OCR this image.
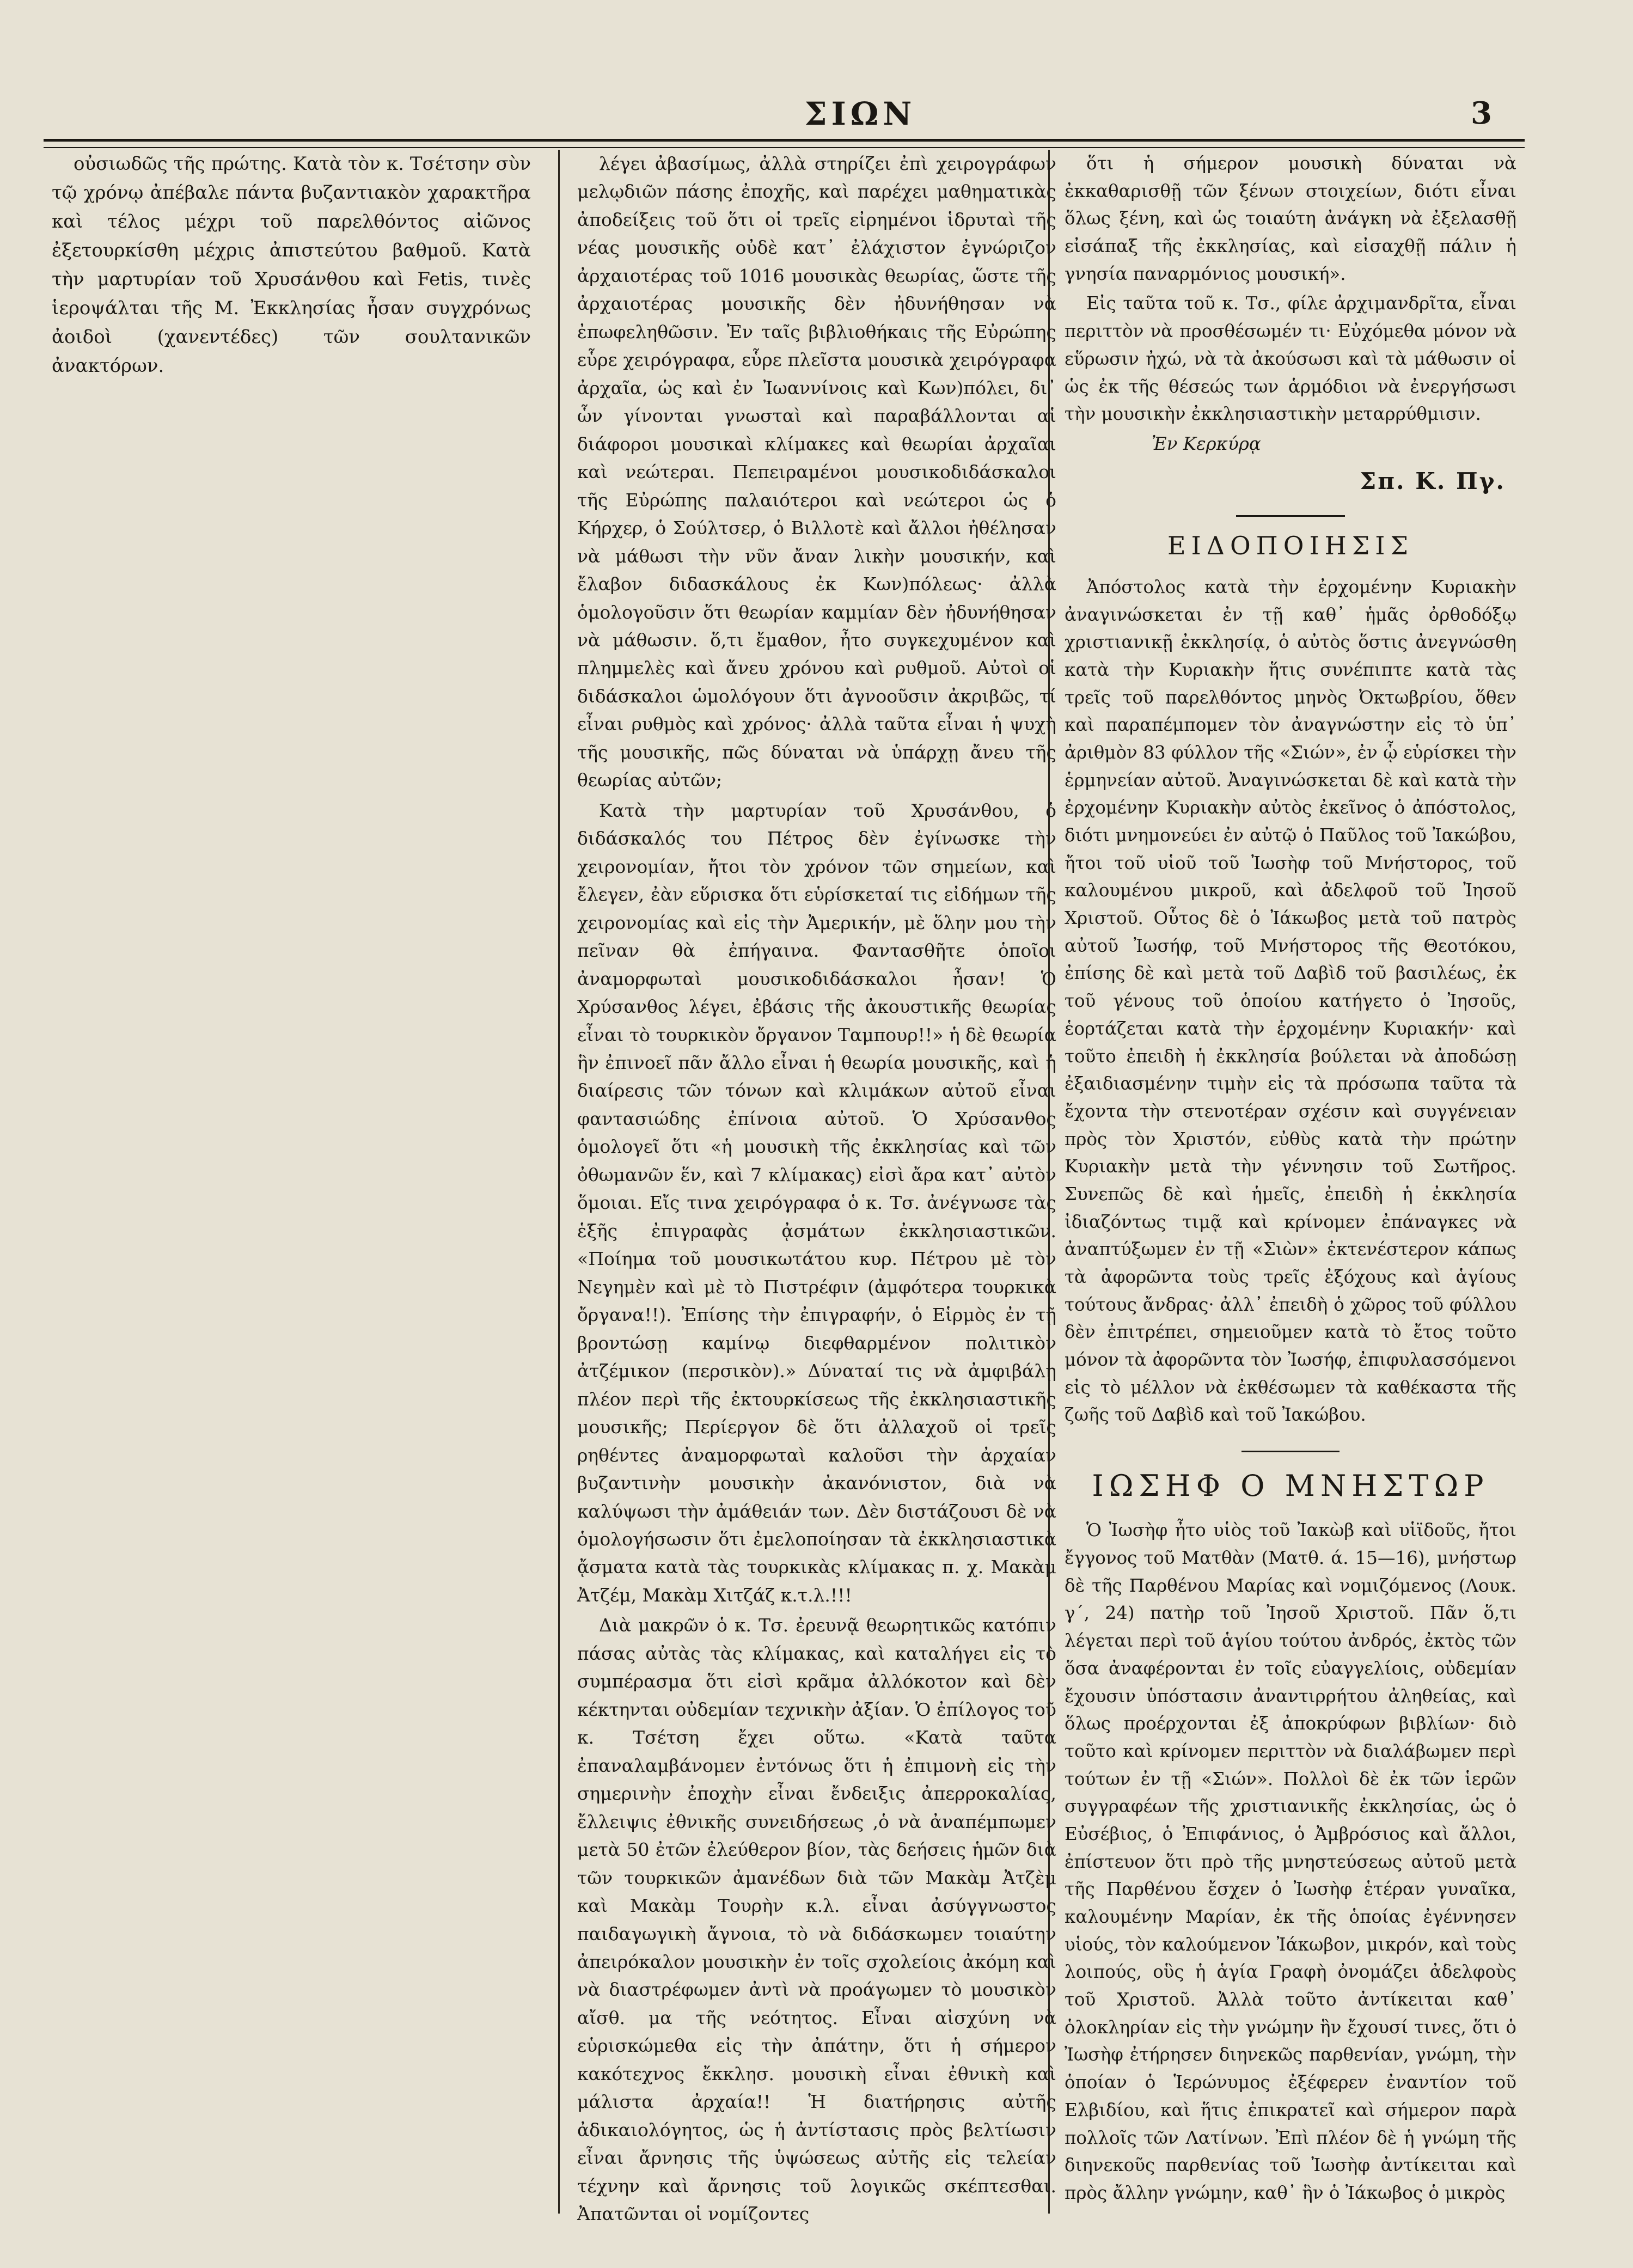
ΣΙΩΝ	3

οὐσιωδῶς τῆς πρώτης. Κατὰ τὸν κ. Τσέτσην σὺν τῷ χρόνῳ ἀπέβαλε πάντα βυζαντιακὸν χαρακτῆρα καὶ τέλος μέχρι τοῦ παρελθόντος αἰῶνος ἐξετουρκίσθη μέχρις ἀπιστεύτου βαθμοῦ. Κατὰ τὴν μαρτυρίαν τοῦ Χρυσάνθου καὶ Fetis, τινὲς ἱεροψάλται τῆς Μ. Ἐκκλησίας ἦσαν συγχρόνως ἀοιδοὶ (χανεντέδες) τῶν σουλτανικῶν ἀνακτόρων.

λέγει ἀβασίμως, ἀλλὰ στηρίζει ἐπὶ χειρογράφων μελῳδιῶν πάσης ἐποχῆς, καὶ παρέχει μαθηματικὰς ἀποδείξεις τοῦ ὅτι οἱ τρεῖς εἰρημένοι ἱδρυταὶ τῆς νέας μουσικῆς οὐδὲ κατ᾽ ἐλάχιστον ἐγνώριζον ἀρχαιοτέρας τοῦ 1016 μουσικὰς θεωρίας, ὥστε τῆς ἀρχαιοτέρας μουσικῆς δὲν ἠδυνήθησαν νὰ ἐπωφεληθῶσιν. Ἐν ταῖς βιβλιοθήκαις τῆς Εὐρώπης εὗρε χειρόγραφα, εὗρε πλεῖστα μουσικὰ χειρόγραφα ἀρχαῖα, ὡς καὶ ἐν Ἰωαννίνοις καὶ Κων)πόλει, δι᾽ ὧν γίνονται γνωσταὶ καὶ παραβάλλονται αἱ διάφοροι μουσικαὶ κλίμακες καὶ θεωρίαι ἀρχαῖαι καὶ νεώτεραι. Πεπειραμένοι μουσικοδιδάσκαλοι τῆς Εὐρώπης παλαιότεροι καὶ νεώτεροι ὡς ὁ Κήρχερ, ὁ Σούλτσερ, ὁ Βιλλοτὲ καὶ ἄλλοι ἠθέλησαν νὰ μάθωσι τὴν νῦν ἄναν λικὴν μουσικήν, καὶ ἔλαβον διδασκάλους ἐκ Κων)πόλεως· ἀλλὰ ὁμολογοῦσιν ὅτι θεωρίαν καμμίαν δὲν ἠδυνήθησαν νὰ μάθωσιν. ὅ,τι ἔμαθον, ἦτο συγκεχυμένον καὶ πλημμελὲς καὶ ἄνευ χρόνου καὶ ρυθμοῦ. Αὐτοὶ οἱ διδάσκαλοι ὡμολόγουν ὅτι ἀγνοοῦσιν ἀκριβῶς, τί εἶναι ρυθμὸς καὶ χρόνος· ἀλλὰ ταῦτα εἶναι ἡ ψυχὴ τῆς μουσικῆς, πῶς δύναται νὰ ὑπάρχῃ ἄνευ τῆς θεωρίας αὐτῶν;

Κατὰ τὴν μαρτυρίαν τοῦ Χρυσάνθου, ὁ διδάσκαλός του Πέτρος δὲν ἐγίνωσκε τὴν χειρονομίαν, ἤτοι τὸν χρόνον τῶν σημείων, καὶ ἔλεγεν, ἐὰν εὕρισκα ὅτι εὑρίσκεταί τις εἰδήμων τῆς χειρονομίας καὶ εἰς τὴν Ἀμερικήν, μὲ ὅλην μου τὴν πεῖναν θὰ ἐπήγαινα. Φαντασθῆτε ὁποῖοι ἀναμορφωταὶ μουσικοδιδάσκαλοι ἦσαν! Ὁ Χρύσανθος λέγει, ἐβάσις τῆς ἀκουστικῆς θεωρίας εἶναι τὸ τουρκικὸν ὄργανον Ταμπουρ!!» ἡ δὲ θεωρία ἣν ἐπινοεῖ πᾶν ἄλλο εἶναι ἡ θεωρία μουσικῆς, καὶ ἡ διαίρεσις τῶν τόνων καὶ κλιμάκων αὐτοῦ εἶναι φαντασιώδης ἐπίνοια αὐτοῦ. Ὁ Χρύσανθος ὁμολογεῖ ὅτι «ἡ μουσικὴ τῆς ἐκκλησίας καὶ τῶν ὀθωμανῶν ἕν, καὶ 7 κλίμακας) εἰσὶ ἄρα κατ᾽ αὐτὸν ὅμοιαι. Εἴς τινα χειρόγραφα ὁ κ. Τσ. ἀνέγνωσε τὰς ἑξῆς ἐπιγραφὰς ᾀσμάτων ἐκκλησιαστικῶν. «Ποίημα τοῦ μουσικωτάτου κυρ. Πέτρου μὲ τὸν Νεγημὲν καὶ μὲ τὸ Πιστρέφιν (ἀμφότερα τουρκικὰ ὄργανα!!). Ἐπίσης τὴν ἐπιγραφήν, ὁ Εἱρμὸς ἐν τῇ βροντώσῃ καμίνῳ διεφθαρμένον πολιτικὸν ἀτζέμικον (περσικὸν).» Δύναταί τις νὰ ἀμφιβάλῃ πλέον περὶ τῆς ἐκτουρκίσεως τῆς ἐκκλησιαστικῆς μουσικῆς; Περίεργον δὲ ὅτι ἀλλαχοῦ οἱ τρεῖς ρηθέντες ἀναμορφωταὶ καλοῦσι τὴν ἀρχαίαν βυζαντινὴν μουσικὴν ἀκανόνιστον, διὰ νὰ καλύψωσι τὴν ἀμάθειάν των. Δὲν διστάζουσι δὲ νὰ ὁμολογήσωσιν ὅτι ἐμελοποίησαν τὰ ἐκκλησιαστικὰ ᾄσματα κατὰ τὰς τουρκικὰς κλίμακας π. χ. Μακὰμ Ἀτζέμ, Μακὰμ Χιτζάζ κ.τ.λ.!!!

Διὰ μακρῶν ὁ κ. Τσ. ἐρευνᾷ θεωρητικῶς κατόπιν πάσας αὐτὰς τὰς κλίμακας, καὶ καταλήγει εἰς τὸ συμπέρασμα ὅτι εἰσὶ κρᾶμα ἀλλόκοτον καὶ δὲν κέκτηνται οὐδεμίαν τεχνικὴν ἀξίαν. Ὁ ἐπίλογος τοῦ κ. Τσέτση ἔχει οὕτω. «Κατὰ ταῦτα ἐπαναλαμβάνομεν ἐντόνως ὅτι ἡ ἐπιμονὴ εἰς τὴν σημερινὴν ἐποχὴν εἶναι ἔνδειξις ἀπερροκαλίας, ἔλλειψις ἐθνικῆς συνειδήσεως ,ὁ νὰ ἀναπέμπωμεν μετὰ 50 ἐτῶν ἐλεύθερον βίον, τὰς δεήσεις ἡμῶν διὰ τῶν τουρκικῶν ἀμανέδων διὰ τῶν Μακὰμ Ἀτζὲμ καὶ Μακὰμ Τουρὴν κ.λ. εἶναι ἀσύγγνωστος παιδαγωγικὴ ἄγνοια, τὸ νὰ διδάσκωμεν τοιαύτην ἀπειρόκαλον μουσικὴν ἐν τοῖς σχολείοις ἀκόμη καὶ νὰ διαστρέφωμεν ἀντὶ νὰ προάγωμεν τὸ μουσικὸν αἴσθ. μα τῆς νεότητος. Εἶναι αἰσχύνη νὰ εὑρισκώμεθα εἰς τὴν ἀπάτην, ὅτι ἡ σήμερον κακότεχνος ἔκκλησ. μουσικὴ εἶναι ἐθνικὴ καὶ μάλιστα ἀρχαία!! Ἡ διατήρησις αὐτῆς ἀδικαιολόγητος, ὡς ἡ ἀντίστασις πρὸς βελτίωσιν εἶναι ἄρνησις τῆς ὑψώσεως αὐτῆς εἰς τελείαν τέχνην καὶ ἄρνησις τοῦ λογικῶς σκέπτεσθαι. Ἀπατῶνται οἱ νομίζοντες

ὅτι ἡ σήμερον μουσικὴ δύναται νὰ ἐκκαθαρισθῇ τῶν ξένων στοιχείων, διότι εἶναι ὅλως ξένη, καὶ ὡς τοιαύτη ἀνάγκη νὰ ἐξελασθῇ εἰσάπαξ τῆς ἐκκλησίας, καὶ εἰσαχθῇ πάλιν ἡ γνησία παναρμόνιος μουσική».

Εἰς ταῦτα τοῦ κ. Τσ., φίλε ἀρχιμανδρῖτα, εἶναι περιττὸν νὰ προσθέσωμέν τι· Εὐχόμεθα μόνον νὰ εὕρωσιν ἠχώ, νὰ τὰ ἀκούσωσι καὶ τὰ μάθωσιν οἱ ὡς ἐκ τῆς θέσεώς των ἁρμόδιοι νὰ ἐνεργήσωσι τὴν μουσικὴν ἐκκλησιαστικὴν μεταρρύθμισιν.

Ἐν Κερκύρᾳ
Σπ. Κ. Πγ.
ΕΙΔΟΠΟΙΗΣΙΣ

Ἀπόστολος κατὰ τὴν ἐρχομένην Κυριακὴν ἀναγινώσκεται ἐν τῇ καθ᾽ ἡμᾶς ὀρθοδόξῳ χριστιανικῇ ἐκκλησίᾳ, ὁ αὐτὸς ὅστις ἀνεγνώσθη κατὰ τὴν Κυριακὴν ἥτις συνέπιπτε κατὰ τὰς τρεῖς τοῦ παρελθόντος μηνὸς Ὀκτωβρίου, ὅθεν καὶ παραπέμπομεν τὸν ἀναγνώστην εἰς τὸ ὑπ᾽ ἀριθμὸν 83 φύλλον τῆς «Σιών», ἐν ᾧ εὑρίσκει τὴν ἑρμηνείαν αὐτοῦ. Ἀναγινώσκεται δὲ καὶ κατὰ τὴν ἐρχομένην Κυριακὴν αὐτὸς ἐκεῖνος ὁ ἀπόστολος, διότι μνημονεύει ἐν αὐτῷ ὁ Παῦλος τοῦ Ἰακώβου, ἤτοι τοῦ υἱοῦ τοῦ Ἰωσὴφ τοῦ Μνήστορος, τοῦ καλουμένου μικροῦ, καὶ ἀδελφοῦ τοῦ Ἰησοῦ Χριστοῦ. Οὗτος δὲ ὁ Ἰάκωβος μετὰ τοῦ πατρὸς αὐτοῦ Ἰωσήφ, τοῦ Μνήστορος τῆς Θεοτόκου, ἐπίσης δὲ καὶ μετὰ τοῦ Δαβὶδ τοῦ βασιλέως, ἐκ τοῦ γένους τοῦ ὁποίου κατήγετο ὁ Ἰησοῦς, ἑορτάζεται κατὰ τὴν ἐρχομένην Κυριακήν· καὶ τοῦτο ἐπειδὴ ἡ ἐκκλησία βούλεται νὰ ἀποδώσῃ ἐξαιδιασμένην τιμὴν εἰς τὰ πρόσωπα ταῦτα τὰ ἔχοντα τὴν στενοτέραν σχέσιν καὶ συγγένειαν πρὸς τὸν Χριστόν, εὐθὺς κατὰ τὴν πρώτην Κυριακὴν μετὰ τὴν γέννησιν τοῦ Σωτῆρος. Συνεπῶς δὲ καὶ ἡμεῖς, ἐπειδὴ ἡ ἐκκλησία ἰδιαζόντως τιμᾷ καὶ κρίνομεν ἐπάναγκες νὰ ἀναπτύξωμεν ἐν τῇ «Σιὼν» ἐκτενέστερον κάπως τὰ ἀφορῶντα τοὺς τρεῖς ἐξόχους καὶ ἁγίους τούτους ἄνδρας· ἀλλ᾽ ἐπειδὴ ὁ χῶρος τοῦ φύλλου δὲν ἐπιτρέπει, σημειοῦμεν κατὰ τὸ ἔτος τοῦτο μόνον τὰ ἀφορῶντα τὸν Ἰωσήφ, ἐπιφυλασσόμενοι εἰς τὸ μέλλον νὰ ἐκθέσωμεν τὰ καθέκαστα τῆς ζωῆς τοῦ Δαβὶδ καὶ τοῦ Ἰακώβου.

ΙΩΣΗΦ Ο ΜΝΗΣΤΩΡ

Ὁ Ἰωσὴφ ἦτο υἱὸς τοῦ Ἰακὼβ καὶ υἱϊδοῦς, ἤτοι ἔγγονος τοῦ Ματθὰν (Ματθ. ά. 15—16), μνήστωρ δὲ τῆς Παρθένου Μαρίας καὶ νομιζόμενος (Λουκ. γ΄, 24) πατὴρ τοῦ Ἰησοῦ Χριστοῦ. Πᾶν ὅ,τι λέγεται περὶ τοῦ ἁγίου τούτου ἀνδρός, ἐκτὸς τῶν ὅσα ἀναφέρονται ἐν τοῖς εὐαγγελίοις, οὐδεμίαν ἔχουσιν ὑπόστασιν ἀναντιρρήτου ἀληθείας, καὶ ὅλως προέρχονται ἐξ ἀποκρύφων βιβλίων· διὸ τοῦτο καὶ κρίνομεν περιττὸν νὰ διαλάβωμεν περὶ τούτων ἐν τῇ «Σιών». Πολλοὶ δὲ ἐκ τῶν ἱερῶν συγγραφέων τῆς χριστιανικῆς ἐκκλησίας, ὡς ὁ Εὐσέβιος, ὁ Ἐπιφάνιος, ὁ Ἀμβρόσιος καὶ ἄλλοι, ἐπίστευον ὅτι πρὸ τῆς μνηστεύσεως αὐτοῦ μετὰ τῆς Παρθένου ἔσχεν ὁ Ἰωσὴφ ἑτέραν γυναῖκα, καλουμένην Μαρίαν, ἐκ τῆς ὁποίας ἐγέννησεν υἱούς, τὸν καλούμενον Ἰάκωβον, μικρόν, καὶ τοὺς λοιπούς, οὓς ἡ ἁγία Γραφὴ ὀνομάζει ἀδελφοὺς τοῦ Χριστοῦ. Ἀλλὰ τοῦτο ἀντίκειται καθ᾽ ὁλοκληρίαν εἰς τὴν γνώμην ἣν ἔχουσί τινες, ὅτι ὁ Ἰωσὴφ ἐτήρησεν διηνεκῶς παρθενίαν, γνώμη, τὴν ὁποίαν ὁ Ἱερώνυμος ἐξέφερεν ἐναντίον τοῦ Ελβιδίου, καὶ ἥτις ἐπικρατεῖ καὶ σήμερον παρὰ πολλοῖς τῶν Λατίνων. Ἐπὶ πλέον δὲ ἡ γνώμη τῆς διηνεκοῦς παρθενίας τοῦ Ἰωσὴφ ἀντίκειται καὶ πρὸς ἄλλην γνώμην, καθ᾽ ἣν ὁ Ἰάκωβος ὁ μικρὸς
